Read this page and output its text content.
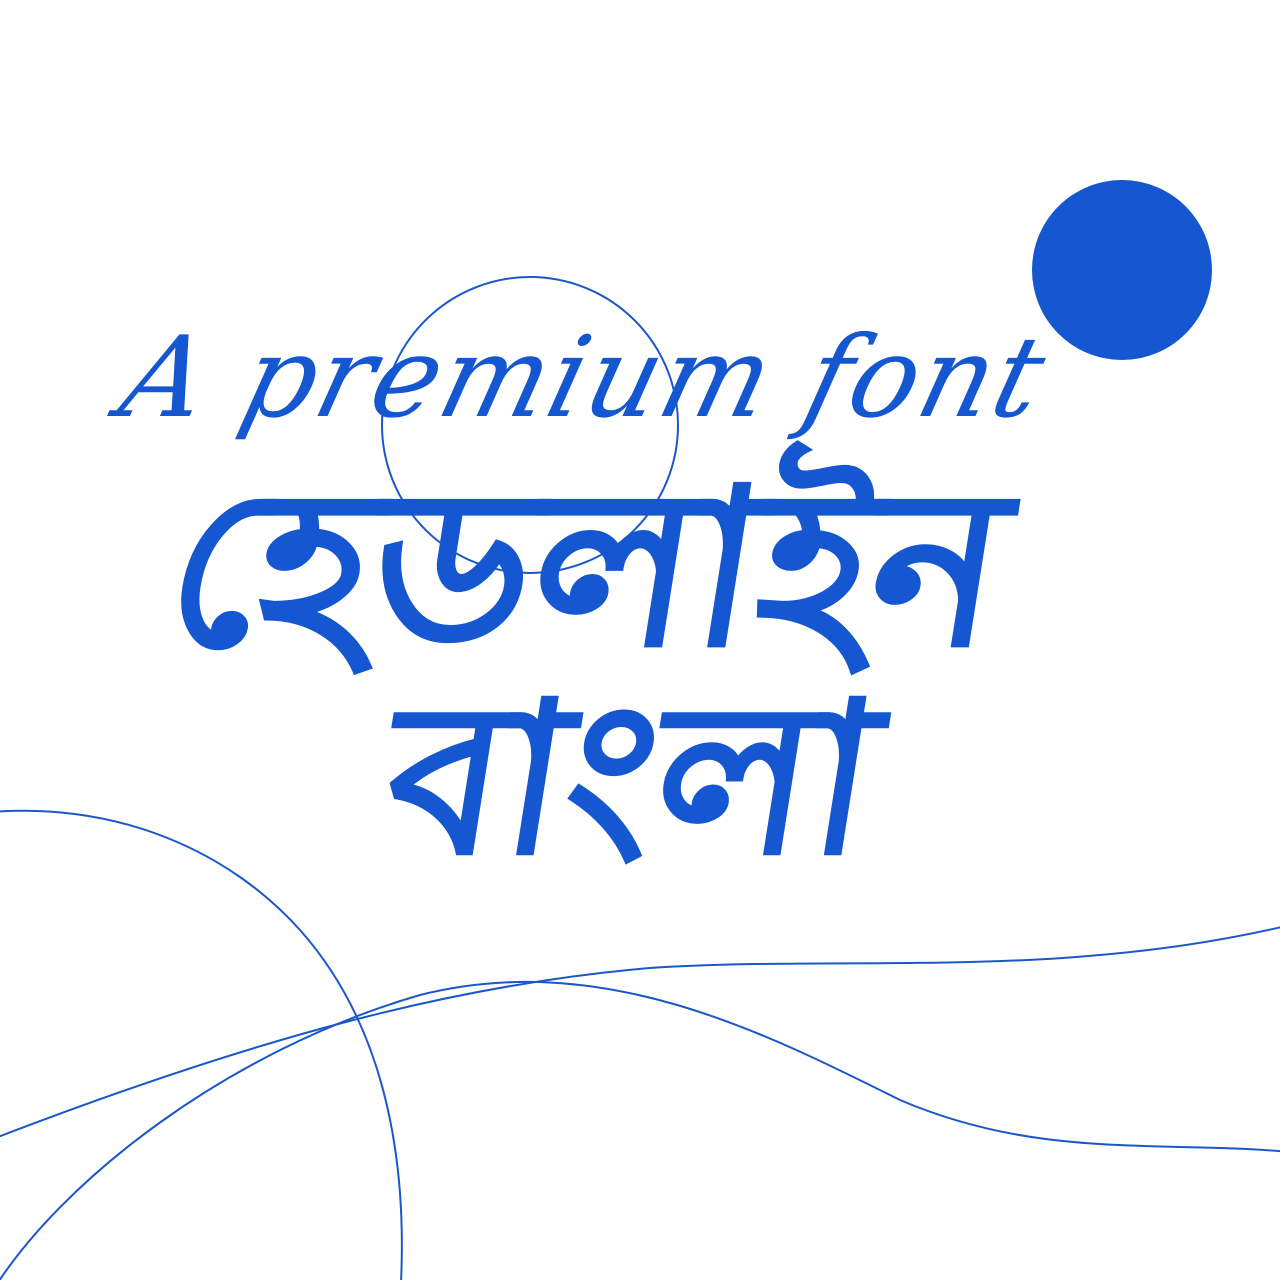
A premium font
হেডলাইন
বাংলা
